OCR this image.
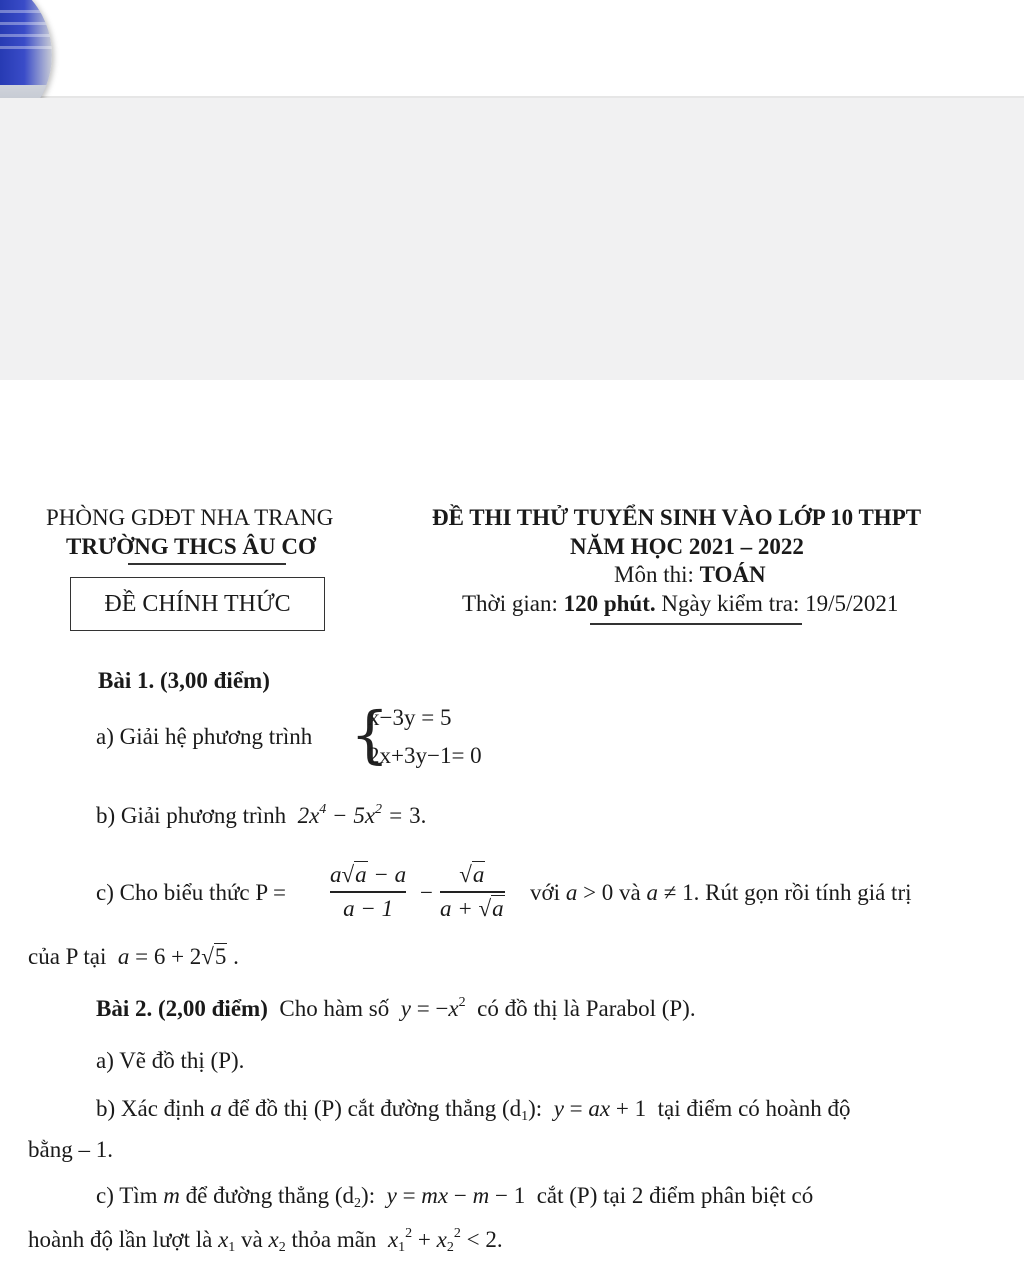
PHÒNG GDĐT NHA TRANG
TRƯỜNG THCS ÂU CƠ
ĐỀ CHÍNH THỨC
ĐỀ THI THỬ TUYỂN SINH VÀO LỚP 10 THPT
NĂM HỌC 2021 – 2022
Môn thi: TOÁN
Thời gian: 120 phút. Ngày kiểm tra: 19/5/2021
Bài 1. (3,00 điểm)
a) Giải hệ phương trình {
x−3y = 5
2x+3y−1= 0
b) Giải phương trình $2x^4 - 5x^2 = 3$.
c) Cho biểu thức P =
a√a − a
a − 1
−
√a
a + √a
với a > 0 và a ≠ 1. Rút gọn rồi tính giá trị
của P tại a = 6 + 2√5 .
Bài 2. (2,00 điểm) Cho hàm số $y = -x^2$ có đồ thị là Parabol (P).
a) Vẽ đồ thị (P).
b) Xác định a để đồ thị (P) cắt đường thẳng $(d_1)$: y = ax + 1  tại điểm có hoành độ
bằng – 1.
c) Tìm m để đường thẳng $(d_2)$: y = mx − m − 1  cắt (P) tại 2 điểm phân biệt có
hoành độ lần lượt là $x_1$ và $x_2$ thỏa mãn $x_1^2 + x_2^2 < 2$.
